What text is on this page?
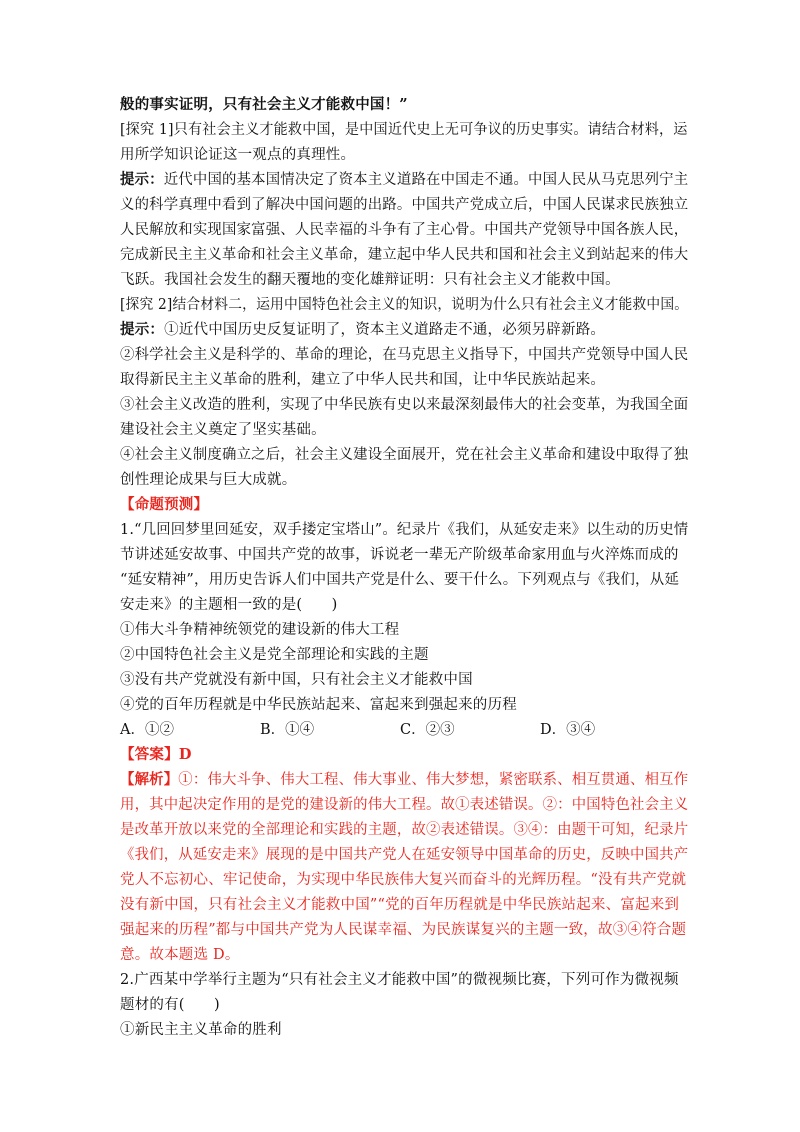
般的事实证明，只有社会主义才能救中国！”
[探究 1]只有社会主义才能救中国，是中国近代史上无可争议的历史事实。请结合材料，运
用所学知识论证这一观点的真理性。
提示：近代中国的基本国情决定了资本主义道路在中国走不通。中国人民从马克思列宁主
义的科学真理中看到了解决中国问题的出路。中国共产党成立后，中国人民谋求民族独立
人民解放和实现国家富强、人民幸福的斗争有了主心骨。中国共产党领导中国各族人民，
完成新民主主义革命和社会主义革命，建立起中华人民共和国和社会主义到站起来的伟大
飞跃。我国社会发生的翻天覆地的变化雄辩证明：只有社会主义才能救中国。
[探究 2]结合材料二，运用中国特色社会主义的知识，说明为什么只有社会主义才能救中国。
提示：①近代中国历史反复证明了，资本主义道路走不通，必须另辟新路。
②科学社会主义是科学的、革命的理论，在马克思主义指导下，中国共产党领导中国人民
取得新民主主义革命的胜利，建立了中华人民共和国，让中华民族站起来。
③社会主义改造的胜利，实现了中华民族有史以来最深刻最伟大的社会变革，为我国全面
建设社会主义奠定了坚实基础。
④社会主义制度确立之后，社会主义建设全面展开，党在社会主义革命和建设中取得了独
创性理论成果与巨大成就。
【命题预测】
1.“几回回梦里回延安，双手搂定宝塔山”。纪录片《我们，从延安走来》以生动的历史情
节讲述延安故事、中国共产党的故事，诉说老一辈无产阶级革命家用血与火淬炼而成的
“延安精神”，用历史告诉人们中国共产党是什么、要干什么。下列观点与《我们，从延
安走来》的主题相一致的是(　　)
①伟大斗争精神统领党的建设新的伟大工程
②中国特色社会主义是党全部理论和实践的主题
③没有共产党就没有新中国，只有社会主义才能救中国
④党的百年历程就是中华民族站起来、富起来到强起来的历程
A．①②	B．①④	C．②③	D．③④
【答案】D
【解析】①：伟大斗争、伟大工程、伟大事业、伟大梦想，紧密联系、相互贯通、相互作
用，其中起决定作用的是党的建设新的伟大工程。故①表述错误。②：中国特色社会主义
是改革开放以来党的全部理论和实践的主题，故②表述错误。③④：由题干可知，纪录片
《我们，从延安走来》展现的是中国共产党人在延安领导中国革命的历史，反映中国共产
党人不忘初心、牢记使命，为实现中华民族伟大复兴而奋斗的光辉历程。“没有共产党就
没有新中国，只有社会主义才能救中国”“党的百年历程就是中华民族站起来、富起来到
强起来的历程”都与中国共产党为人民谋幸福、为民族谋复兴的主题一致，故③④符合题
意。故本题选 D。
2.广西某中学举行主题为“只有社会主义才能救中国”的微视频比赛，下列可作为微视频
题材的有(　　)
①新民主主义革命的胜利
